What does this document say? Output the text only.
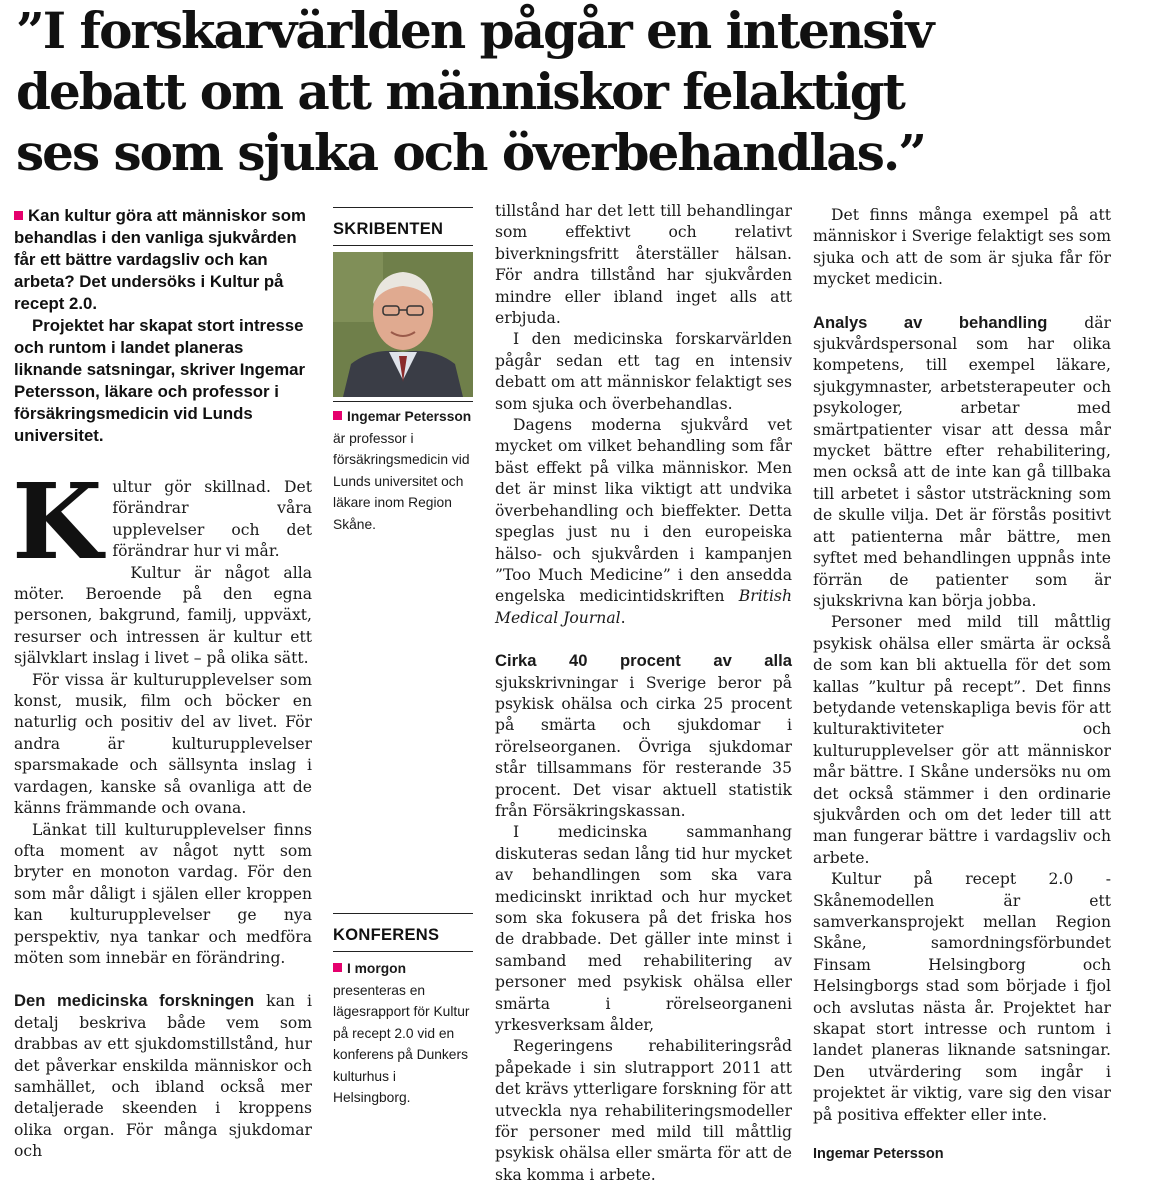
”I forskarvärlden pågår en intensiv
debatt om att människor felaktigt
ses som sjuka och överbehandlas.”

Kan kultur göra att människor som behandlas i den vanliga sjukvården får ett bättre vardagsliv och kan arbeta? Det undersöks i Kultur på recept 2.0.

Projektet har skapat stort intresse och runtom i landet planeras liknande satsningar, skriver Ingemar Petersson, läkare och professor i försäkringsmedicin vid Lunds universitet.

K ultur gör skillnad. Det förändrar våra upplevelser och det förändrar hur vi mår.

Kultur är något alla möter. Beroende på den egna personen, bakgrund, familj, uppväxt, resurser och intressen är kultur ett självklart inslag i livet – på olika sätt.

För vissa är kulturupplevelser som konst, musik, film och böcker en naturlig och positiv del av livet. För andra är kulturupplevelser sparsmakade och sällsynta inslag i vardagen, kanske så ovanliga att de känns främmande och ovana.

Länkat till kulturupplevelser finns ofta moment av något nytt som bryter en monoton vardag. För den som mår dåligt i själen eller kroppen kan kulturupplevelser ge nya perspektiv, nya tankar och medföra möten som innebär en förändring.

Den medicinska forskningen kan i detalj beskriva både vem som drabbas av ett sjukdomstillstånd, hur det påverkar enskilda människor och samhället, och ibland också mer detaljerade skeenden i kroppens olika organ. För många sjukdomar och

SKRIBENTEN
Ingemar Petersson är professor i försäkringsmedicin vid Lunds universitet och läkare inom Region Skåne.
KONFERENS
I morgon presenteras en lägesrapport för Kultur på recept 2.0 vid en konferens på Dunkers kulturhus i Helsingborg.

tillstånd har det lett till behandlingar som effektivt och relativt biverkningsfritt återställer hälsan. För andra tillstånd har sjukvården mindre eller ibland inget alls att erbjuda.

I den medicinska forskarvärlden pågår sedan ett tag en intensiv debatt om att människor felaktigt ses som sjuka och överbehandlas.

Dagens moderna sjukvård vet mycket om vilket behandling som får bäst effekt på vilka människor. Men det är minst lika viktigt att undvika överbehandling och bieffekter. Detta speglas just nu i den europeiska hälso- och sjukvården i kampanjen ”Too Much Medicine” i den ansedda engelska medicintidskriften British Medical Journal.

Cirka 40 procent av alla sjukskrivningar i Sverige beror på psykisk ohälsa och cirka 25 procent på smärta och sjukdomar i rörelseorganen. Övriga sjukdomar står tillsammans för resterande 35 procent. Det visar aktuell statistik från Försäkringskassan.

I medicinska sammanhang diskuteras sedan lång tid hur mycket av behandlingen som ska vara medicinskt inriktad och hur mycket som ska fokusera på det friska hos de drabbade. Det gäller inte minst i samband med rehabilitering av personer med psykisk ohälsa eller smärta i rörelseorganeni yrkesverksam ålder,

Regeringens rehabiliteringsråd påpekade i sin slutrapport 2011 att det krävs ytterligare forskning för att utveckla nya rehabiliteringsmodeller för personer med mild till måttlig psykisk ohälsa eller smärta för att de ska komma i arbete.

Det finns många exempel på att människor i Sverige felaktigt ses som sjuka och att de som är sjuka får för mycket medicin.

Analys av behandling där sjukvårdspersonal som har olika kompetens, till exempel läkare, sjukgymnaster, arbetsterapeuter och psykologer, arbetar med smärtpatienter visar att dessa mår mycket bättre efter rehabilitering, men också att de inte kan gå tillbaka till arbetet i såstor utsträckning som de skulle vilja. Det är förstås positivt att patienterna mår bättre, men syftet med behandlingen uppnås inte förrän de patienter som är sjukskrivna kan börja jobba.

Personer med mild till måttlig psykisk ohälsa eller smärta är också de som kan bli aktuella för det som kallas ”kultur på recept”. Det finns betydande vetenskapliga bevis för att kulturaktiviteter och kulturupplevelser gör att människor mår bättre. I Skåne undersöks nu om det också stämmer i den ordinarie sjukvården och om det leder till att man fungerar bättre i vardagsliv och arbete.

Kultur på recept 2.0 - Skånemodellen är ett samverkansprojekt mellan Region Skåne, samordningsförbundet Finsam Helsingborg och Helsingborgs stad som började i fjol och avslutas nästa år. Projektet har skapat stort intresse och runtom i landet planeras liknande satsningar. Den utvärdering som ingår i projektet är viktig, vare sig den visar på positiva effekter eller inte.

Ingemar Petersson
